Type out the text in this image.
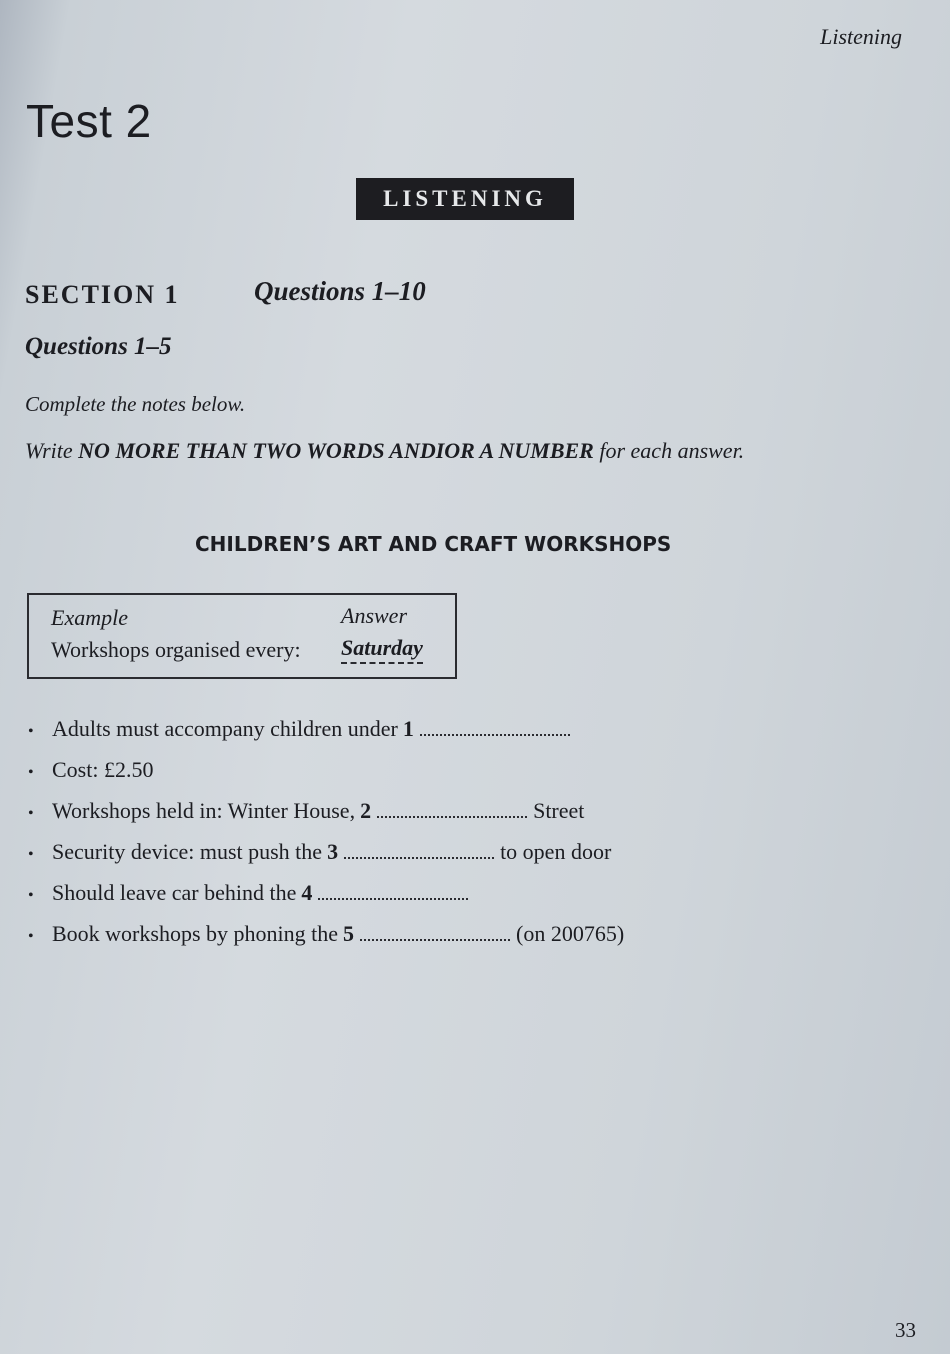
Listening
Test 2
LISTENING
SECTION 1	Questions 1–10
Questions 1–5
Complete the notes below.
Write NO MORE THAN TWO WORDS ANDIOR A NUMBER for each answer.
CHILDREN’S ART AND CRAFT WORKSHOPS
Example	Answer
Workshops organised every: Saturday
• Adults must accompany children under 1
• Cost: £2.50
• Workshops held in: Winter House, 2	Street
• Security device: must push the 3	to open door
• Should leave car behind the 4
• Book workshops by phoning the 5	(on 200765)
33
